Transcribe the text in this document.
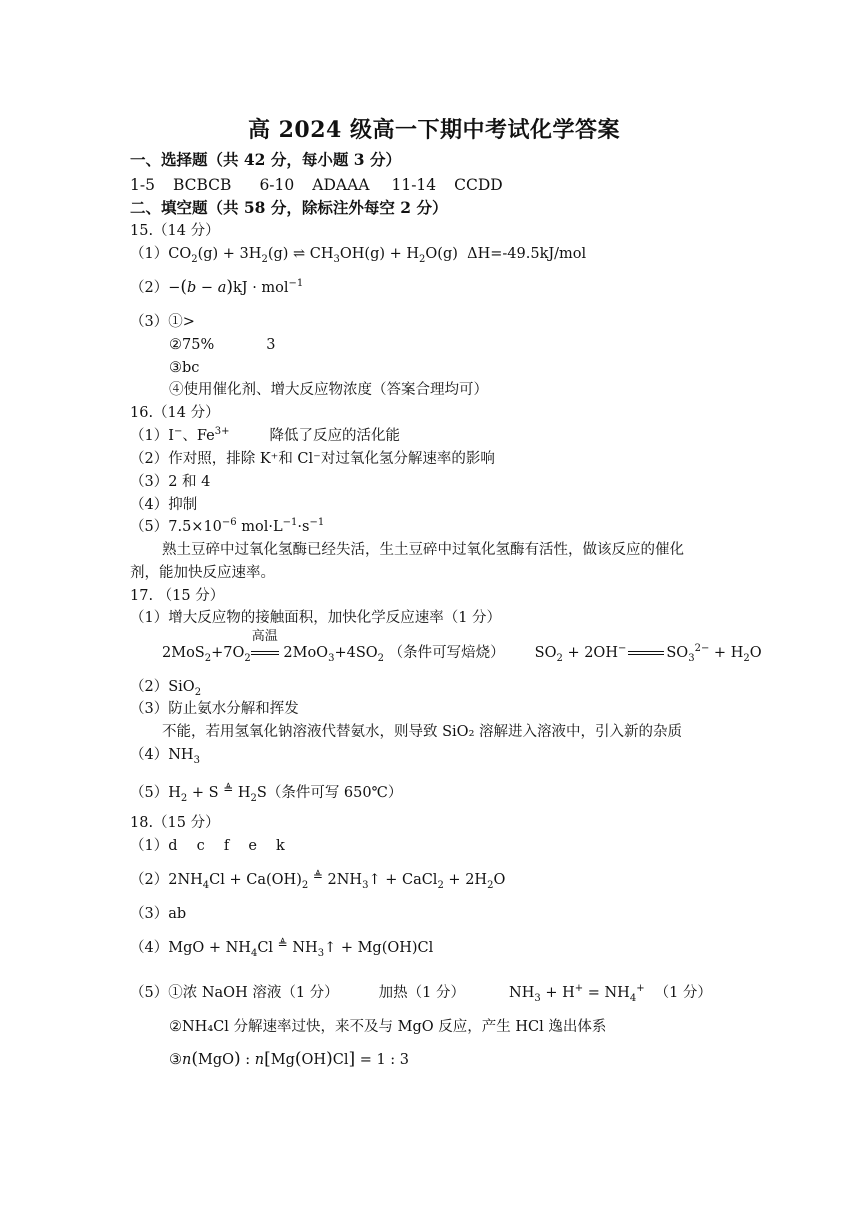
高 2024 级高一下期中考试化学答案
一、选择题（共 42 分，每小题 3 分）
1-5 BCBCB 6-10 ADAAA 11-14 CCDD
二、填空题（共 58 分，除标注外每空 2 分）
15.（14 分）
$(1)CO_2(g) + 3H_2(g)$ ⇌ $CH_3OH(g) + H_2O(g)$  ΔH=-49.5kJ/mol
（2）−(b − a)kJ · mol$^{-1}$
（3）①>
②75%	3
③bc
④使用催化剂、增大反应物浓度（答案合理均可）
16.（14 分）
（1）I−、$Fe^{3+}$	降低了反应的活化能
（2）作对照，排除 K⁺和 Cl⁻对过氧化氢分解速率的影响
（3）2 和 4
（4）抑制
$(5)7.5\times 10^{-6}$ $mol\cdot L^{-1}\cdot s^{-1}$
熟土豆碎中过氧化氢酶已经失活，生土豆碎中过氧化氢酶有活性，做该反应的催化
剂，能加快反应速率。
17. （15 分）
（1）增大反应物的接触面积，加快化学反应速率（1 分）
$2MoS_2+7O_2$
高温
$2MoO_3+4SO_2$ （条件可写焙烧） $SO_2 + 2OH^-$	$SO_3^{2-} + H_2O$
（2）SiO$_2$
（3）防止氨水分解和挥发
不能，若用氢氧化钠溶液代替氨水，则导致 SiO₂ 溶解进入溶液中，引入新的杂质
$(4)NH_3$
$(5)H_2 + S$ ≜ $H_2S$（条件可写 650℃）
18.（15 分）
（1）d　 c　 f　 e　 k
$(2)2NH_4Cl + Ca(OH)_2$ ≜ $2NH_3↑$ + CaCl$_2$ + $2H_2O$
（3）ab
$(4)MgO + NH_4Cl$ ≜ $NH_3↑ + Mg(OH)Cl$
（5）①浓 NaOH 溶液（1 分）	加热（1 分）	$NH_3 + H^+ = NH_4^+$ （1 分）
②NH₄Cl 分解速率过快，来不及与 MgO 反应，产生 HCl 逸出体系
③n(MgO) : n[Mg(OH)Cl] = 1 : 3
